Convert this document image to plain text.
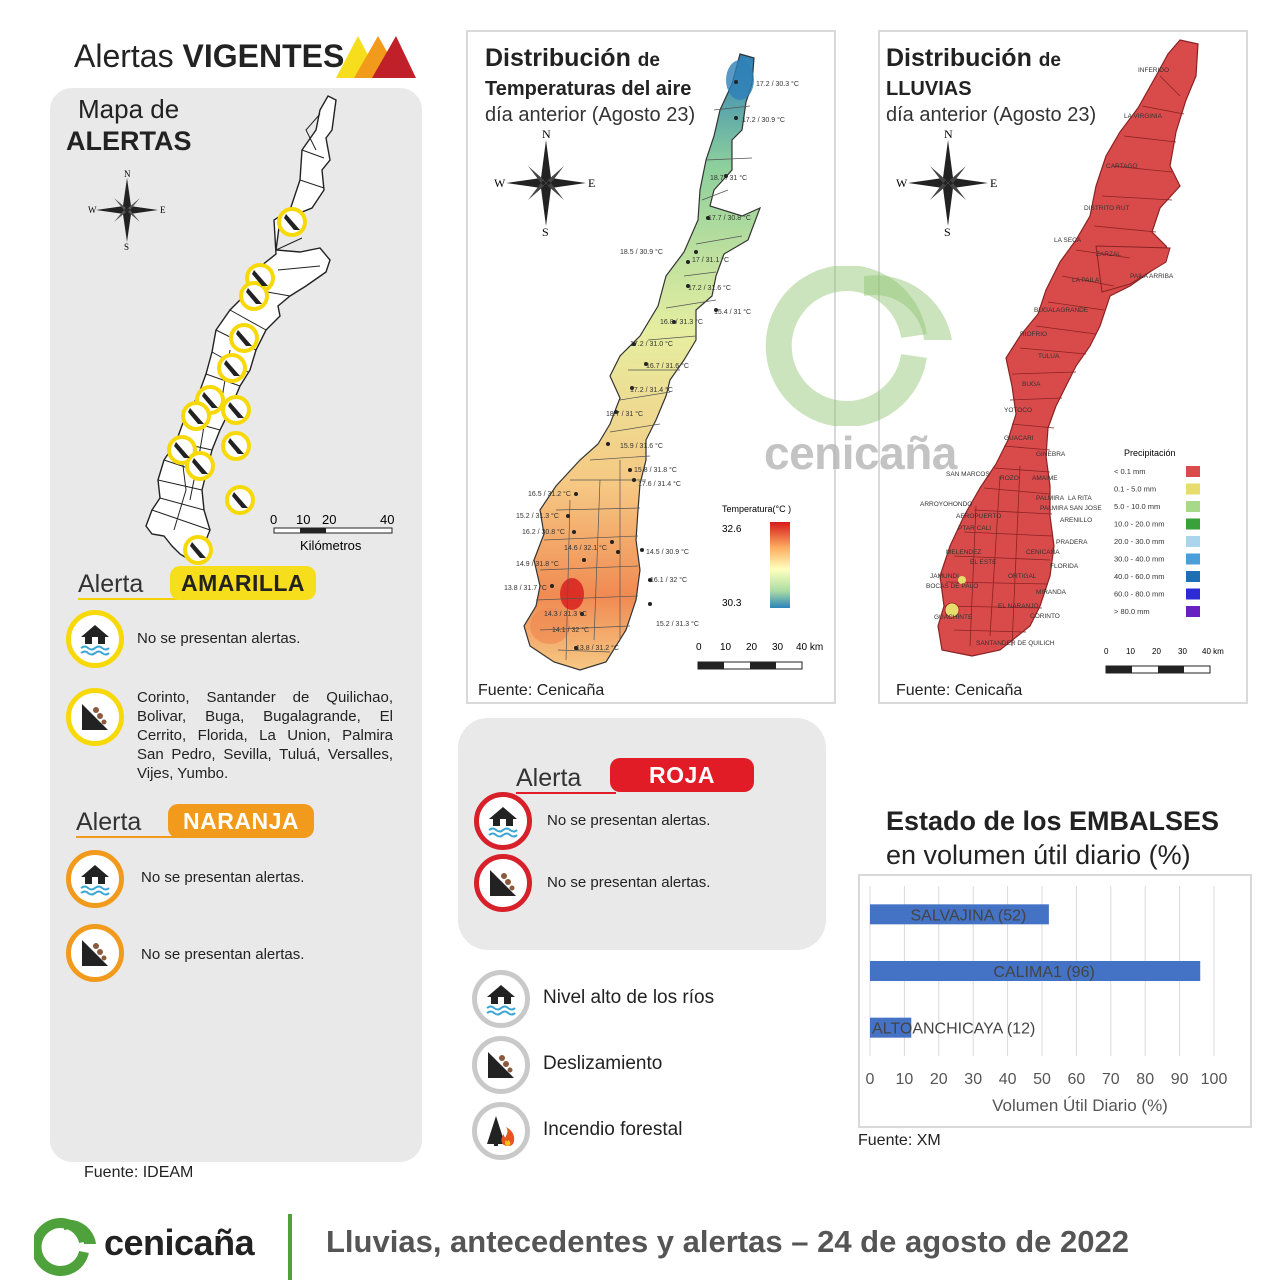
Alertas VIGENTES
Mapa de
ALERTAS
N
S
W	E
0 10 20	40
Kilómetros
Alerta	AMARILLA
No se presentan alertas.
Corinto, Santander de Quilichao, Bolivar, Buga, Bugalagrande, El Cerrito, Florida, La Union, Palmira San Pedro, Sevilla, Tuluá, Versalles, Vijes, Yumbo.
Alerta	NARANJA
No se presentan alertas.
No se presentan alertas.
Fuente: IDEAM
Distribución de
Temperaturas del aire
día anterior (Agosto 23)
N
S
W	E
17.2 / 30.3 °C
17.2 / 30.9 °C
18.7 / 31 °C
17.7 / 30.8 °C
18.5 / 30.9 °C
17 / 31.1 °C
17.2 / 31.6 °C
15.4 / 31 °C
16.8 / 31.3 °C
17.2 / 31.0 °C
16.7 / 31.6 °C
17.2 / 31.4 °C
18.7 / 31 °C
15.9 / 31.6 °C
15.8 / 31.8 °C
17.6 / 31.4 °C
16.5 / 31.2 °C
15.2 / 31.3 °C
16.2 / 30.8 °C
14.6 / 32.1 °C
14.5 / 30.9 °C
14.9 / 31.8 °C
13.8 / 31.7 °C
16.1 / 32 °C
14.3 / 31.3 °C
14.1 / 32 °C
15.2 / 31.3 °C
13.8 / 31.2 °C
Temperatura(°C )
32.6
30.3
0 10 20 30 40 km
Fuente: Cenicaña
Distribución de
LLUVIAS
día anterior (Agosto 23)
N
S
W	E
INFERIDO
LA VIRGINIA
CARTAGO
DISTRITO RUT
LA SECA
ZARZAL
LA PAILA
PAILA ARRIBA
BUGALAGRANDE
RIOFRIO
TULUA
BUGA
YOTOCO
GUACARI
GINEBRA
SAN MARCOS
ROZO AMAIME
ARROYOHONDO
AEROPUERTO
PALMIRA LA RITA
PALMIRA SAN JOSE
ARENILLO
PTAR CALI
PRADERA
MELENDEZ	CENICAÑA
EL ESTE
FLORIDA
JAMUNDI	ORTIGAL
BOCAS DE PALO
MIRANDA
EL NARANJO
GUACHINTE	CORINTO
SANTANDER DE QUILICH
Precipitación
< 0.1 mm
0.1 - 5.0 mm
5.0 - 10.0 mm
10.0 - 20.0 mm
20.0 - 30.0 mm
30.0 - 40.0 mm
40.0 - 60.0 mm
60.0 - 80.0 mm
> 80.0 mm
0 10 20 30 40 km
Fuente: Cenicaña
cenicaña
Alerta	ROJA
No se presentan alertas.
No se presentan alertas.
Nivel alto de los ríos
Deslizamiento
Incendio forestal
Estado de los EMBALSES
en volumen útil diario (%)
0 10 20 30 40 50 60 70 80 90 100
SALVAJINA (52)
CALIMA1 (96)
ALTOANCHICAYA (12)
Volumen Útil Diario (%)
Fuente: XM
cenicaña Lluvias, antecedentes y alertas – 24 de agosto de 2022
